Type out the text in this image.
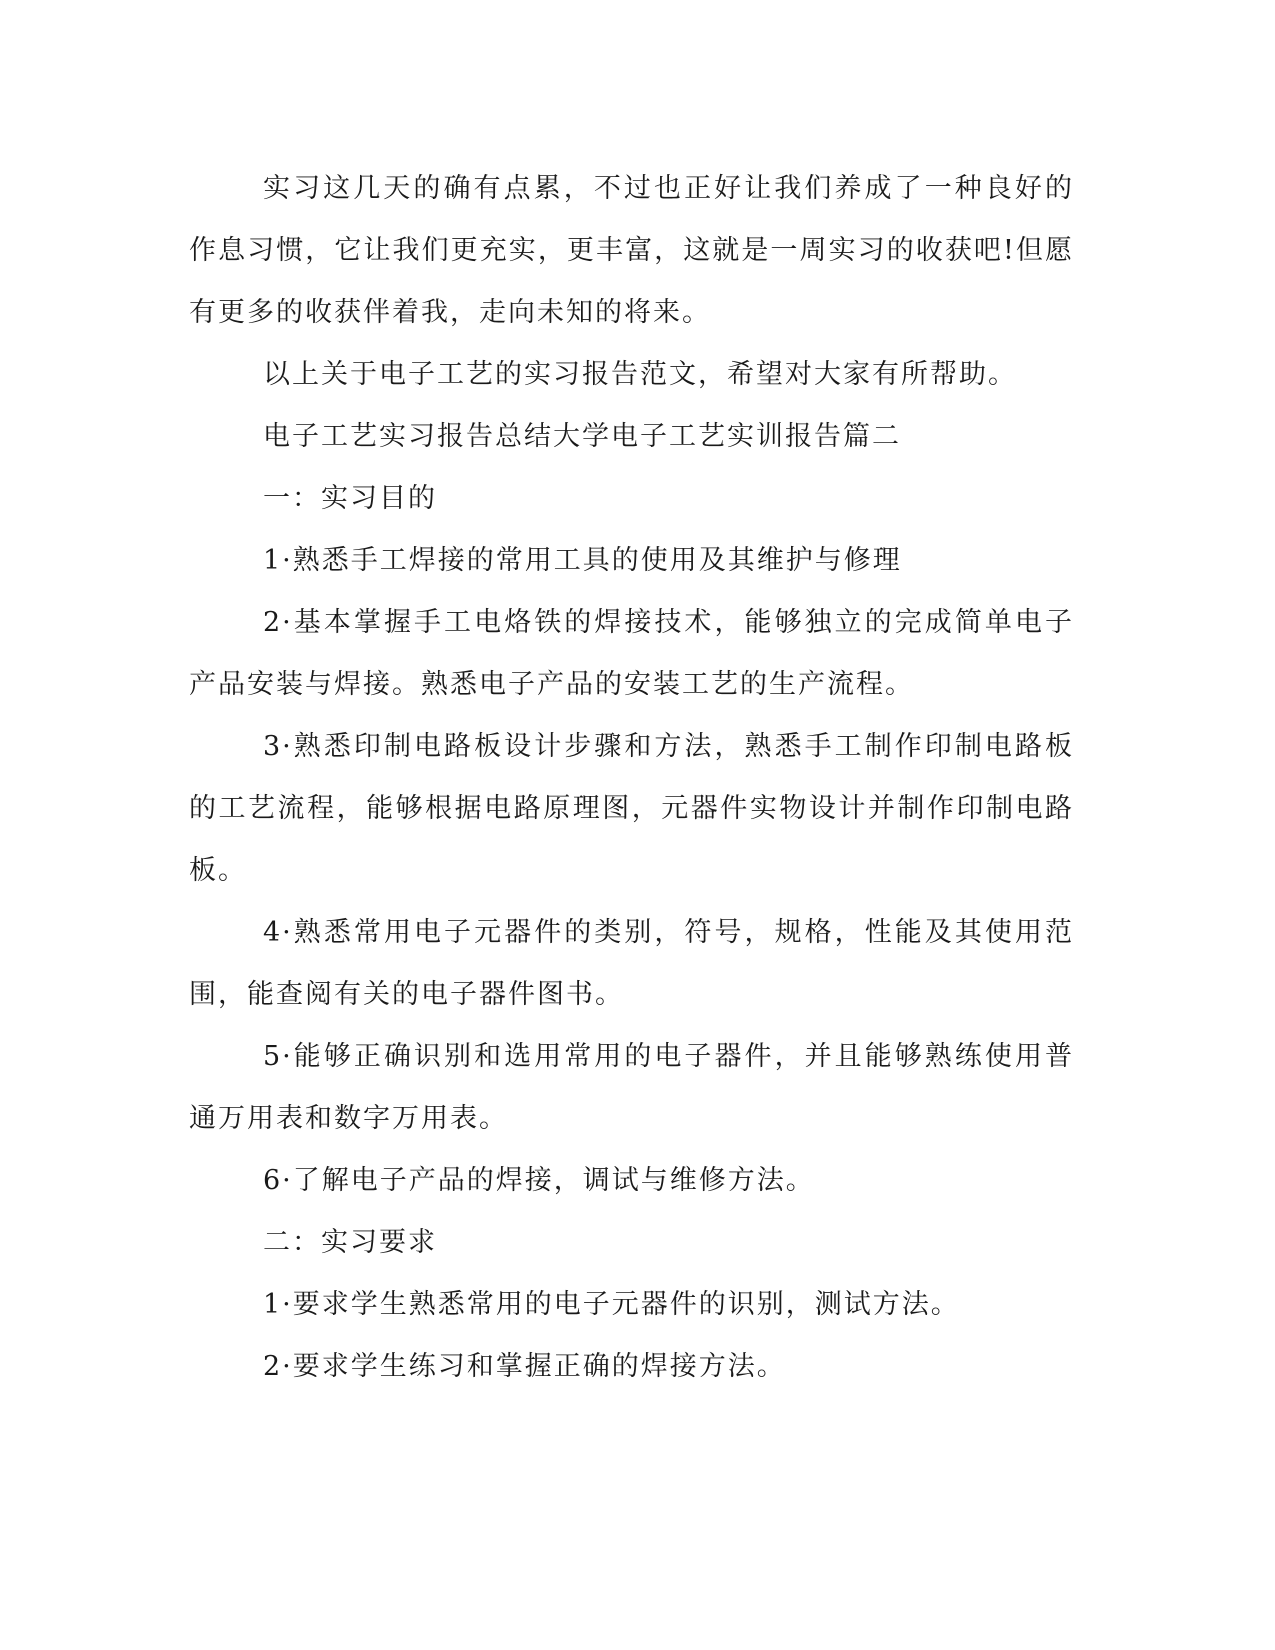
实习这几天的确有点累，不过也正好让我们养成了一种良好的作息习惯，它让我们更充实，更丰富，这就是一周实习的收获吧!但愿有更多的收获伴着我，走向未知的将来。

以上关于电子工艺的实习报告范文，希望对大家有所帮助。

电子工艺实习报告总结大学电子工艺实训报告篇二

一：实习目的

1·熟悉手工焊接的常用工具的使用及其维护与修理

2·基本掌握手工电烙铁的焊接技术，能够独立的完成简单电子产品安装与焊接。熟悉电子产品的安装工艺的生产流程。

3·熟悉印制电路板设计步骤和方法，熟悉手工制作印制电路板的工艺流程，能够根据电路原理图，元器件实物设计并制作印制电路板。

4·熟悉常用电子元器件的类别，符号，规格，性能及其使用范围，能查阅有关的电子器件图书。

5·能够正确识别和选用常用的电子器件，并且能够熟练使用普通万用表和数字万用表。

6·了解电子产品的焊接，调试与维修方法。

二：实习要求

1·要求学生熟悉常用的电子元器件的识别，测试方法。

2·要求学生练习和掌握正确的焊接方法。
